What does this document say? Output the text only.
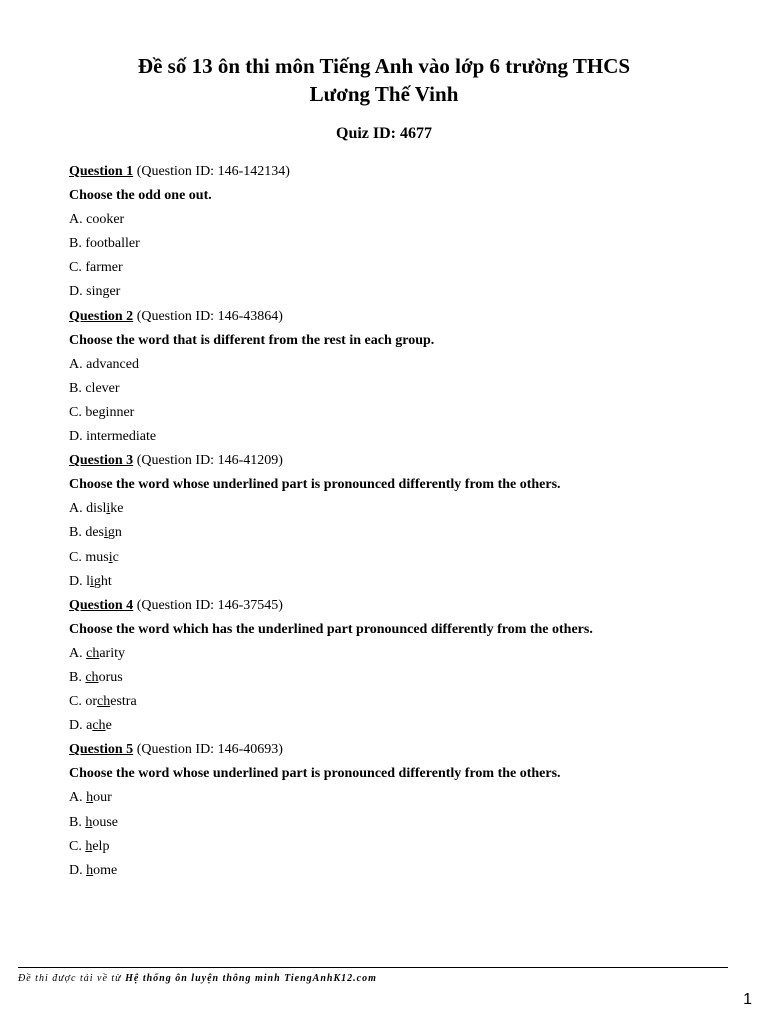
Đề số 13 ôn thi môn Tiếng Anh vào lớp 6 trường THCS
Lương Thế Vinh
Quiz ID: 4677
Question 1 (Question ID: 146-142134)
Choose the odd one out.
A. cooker
B. footballer
C. farmer
D. singer
Question 2 (Question ID: 146-43864)
Choose the word that is different from the rest in each group.
A. advanced
B. clever
C. beginner
D. intermediate
Question 3 (Question ID: 146-41209)
Choose the word whose underlined part is pronounced differently from the others.
A. dislike
B. design
C. music
D. light
Question 4 (Question ID: 146-37545)
Choose the word which has the underlined part pronounced differently from the others.
A. charity
B. chorus
C. orchestra
D. ache
Question 5 (Question ID: 146-40693)
Choose the word whose underlined part is pronounced differently from the others.
A. hour
B. house
C. help
D. home
Đề thi được tải về từ Hệ thống ôn luyện thông minh TiengAnhK12.com
1
